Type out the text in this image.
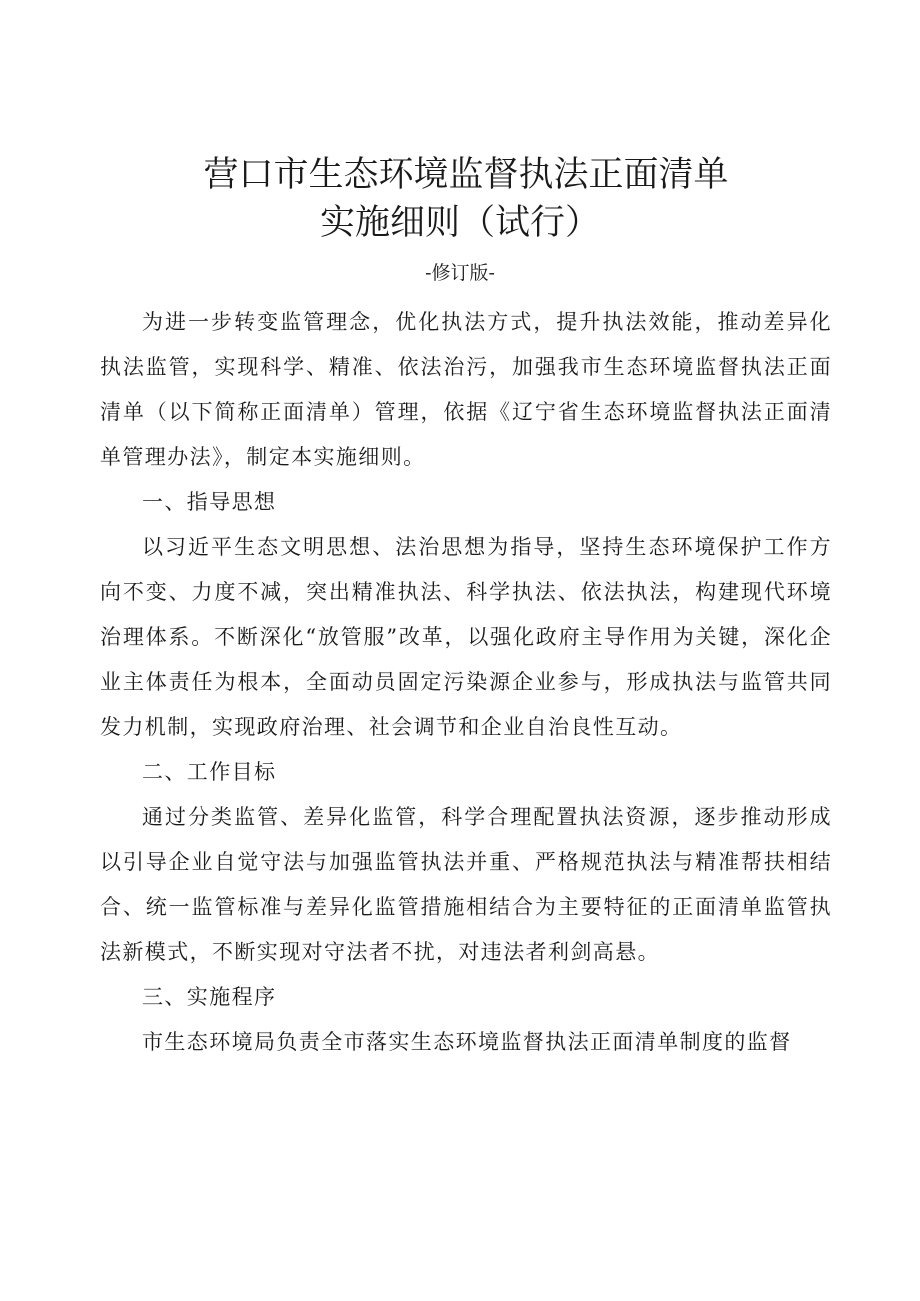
营口市生态环境监督执法正面清单
实施细则（试行）
-修订版-

为进一步转变监管理念，优化执法方式，提升执法效能，推动差异化执法监管，实现科学、精准、依法治污，加强我市生态环境监督执法正面清单（以下简称正面清单）管理，依据《辽宁省生态环境监督执法正面清单管理办法》，制定本实施细则。

一、指导思想

以习近平生态文明思想、法治思想为指导，坚持生态环境保护工作方向不变、力度不减，突出精准执法、科学执法、依法执法，构建现代环境治理体系。不断深化“放管服”改革，以强化政府主导作用为关键，深化企业主体责任为根本，全面动员固定污染源企业参与，形成执法与监管共同发力机制，实现政府治理、社会调节和企业自治良性互动。

二、工作目标

通过分类监管、差异化监管，科学合理配置执法资源，逐步推动形成以引导企业自觉守法与加强监管执法并重、严格规范执法与精准帮扶相结合、统一监管标准与差异化监管措施相结合为主要特征的正面清单监管执法新模式，不断实现对守法者不扰，对违法者利剑高悬。

三、实施程序

市生态环境局负责全市落实生态环境监督执法正面清单制度的监督
